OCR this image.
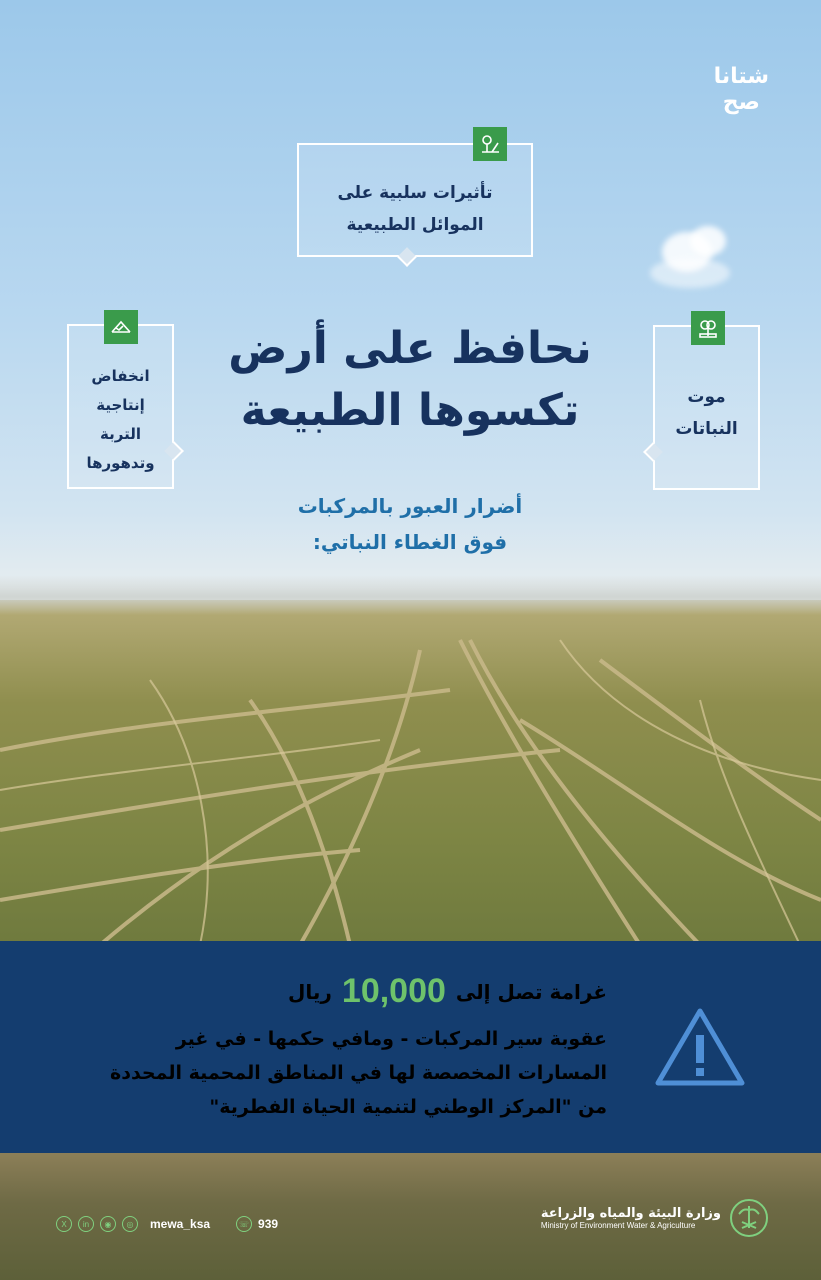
شتانا
صح
تأثيرات سلبية على
الموائل الطبيعية
انخفاض
إنتاجية
التربة
وتدهورها
موت
النباتات
نحافظ على أرض
تكسوها الطبيعة
أضرار العبور بالمركبات
فوق الغطاء النباتي:
غرامة تصل إلى
10,000
ريال
عقوبة سير المركبات - ومافي حكمها - في غير المسارات المخصصة لها في المناطق المحمية المحددة من "المركز الوطني لتنمية الحياة الفطرية"
X	in	◉	◎	mewa_ksa	☏ 939
وزارة البيئة والمياه والزراعة
Ministry of Environment Water & Agriculture
